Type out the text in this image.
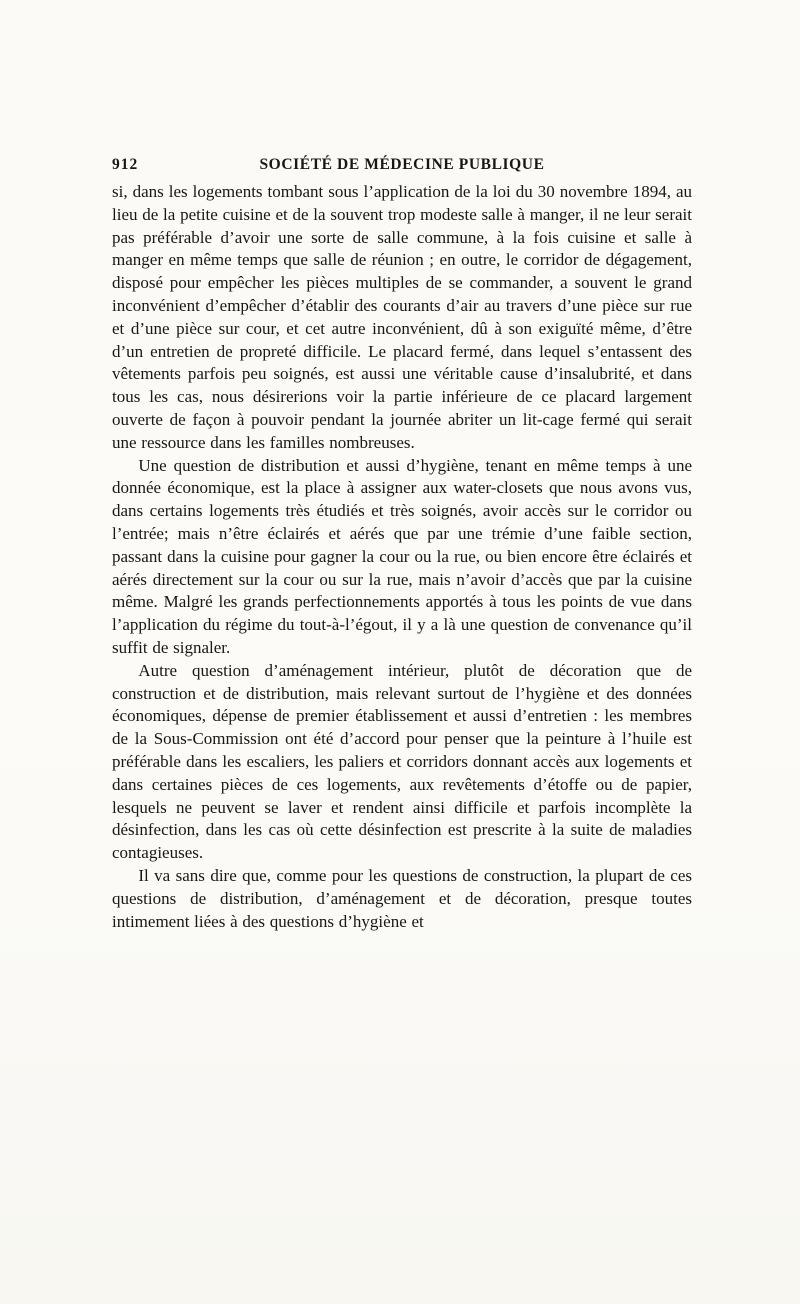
912	SOCIÉTÉ DE MÉDECINE PUBLIQUE

si, dans les logements tombant sous l’application de la loi du 30 novembre 1894, au lieu de la petite cuisine et de la souvent trop modeste salle à manger, il ne leur serait pas préférable d’avoir une sorte de salle commune, à la fois cuisine et salle à manger en même temps que salle de réunion ; en outre, le corridor de dégagement, disposé pour empêcher les pièces multiples de se commander, a souvent le grand inconvénient d’empêcher d’établir des courants d’air au travers d’une pièce sur rue et d’une pièce sur cour, et cet autre inconvénient, dû à son exiguïté même, d’être d’un entretien de propreté difficile. Le placard fermé, dans lequel s’entassent des vêtements parfois peu soignés, est aussi une véritable cause d’insalubrité, et dans tous les cas, nous désirerions voir la partie inférieure de ce placard largement ouverte de façon à pouvoir pendant la journée abriter un lit-cage fermé qui serait une ressource dans les familles nombreuses.

Une question de distribution et aussi d’hygiène, tenant en même temps à une donnée économique, est la place à assigner aux water-closets que nous avons vus, dans certains logements très étudiés et très soignés, avoir accès sur le corridor ou l’entrée; mais n’être éclairés et aérés que par une trémie d’une faible section, passant dans la cuisine pour gagner la cour ou la rue, ou bien encore être éclairés et aérés directement sur la cour ou sur la rue, mais n’avoir d’accès que par la cuisine même. Malgré les grands perfectionnements apportés à tous les points de vue dans l’application du régime du tout-à-l’égout, il y a là une question de convenance qu’il suffit de signaler.

Autre question d’aménagement intérieur, plutôt de décoration que de construction et de distribution, mais relevant surtout de l’hygiène et des données économiques, dépense de premier établissement et aussi d’entretien : les membres de la Sous-Commission ont été d’accord pour penser que la peinture à l’huile est préférable dans les escaliers, les paliers et corridors donnant accès aux logements et dans certaines pièces de ces logements, aux revêtements d’étoffe ou de papier, lesquels ne peuvent se laver et rendent ainsi difficile et parfois incomplète la désinfection, dans les cas où cette désinfection est prescrite à la suite de maladies contagieuses.

Il va sans dire que, comme pour les questions de construction, la plupart de ces questions de distribution, d’aménagement et de décoration, presque toutes intimement liées à des questions d’hygiène et
